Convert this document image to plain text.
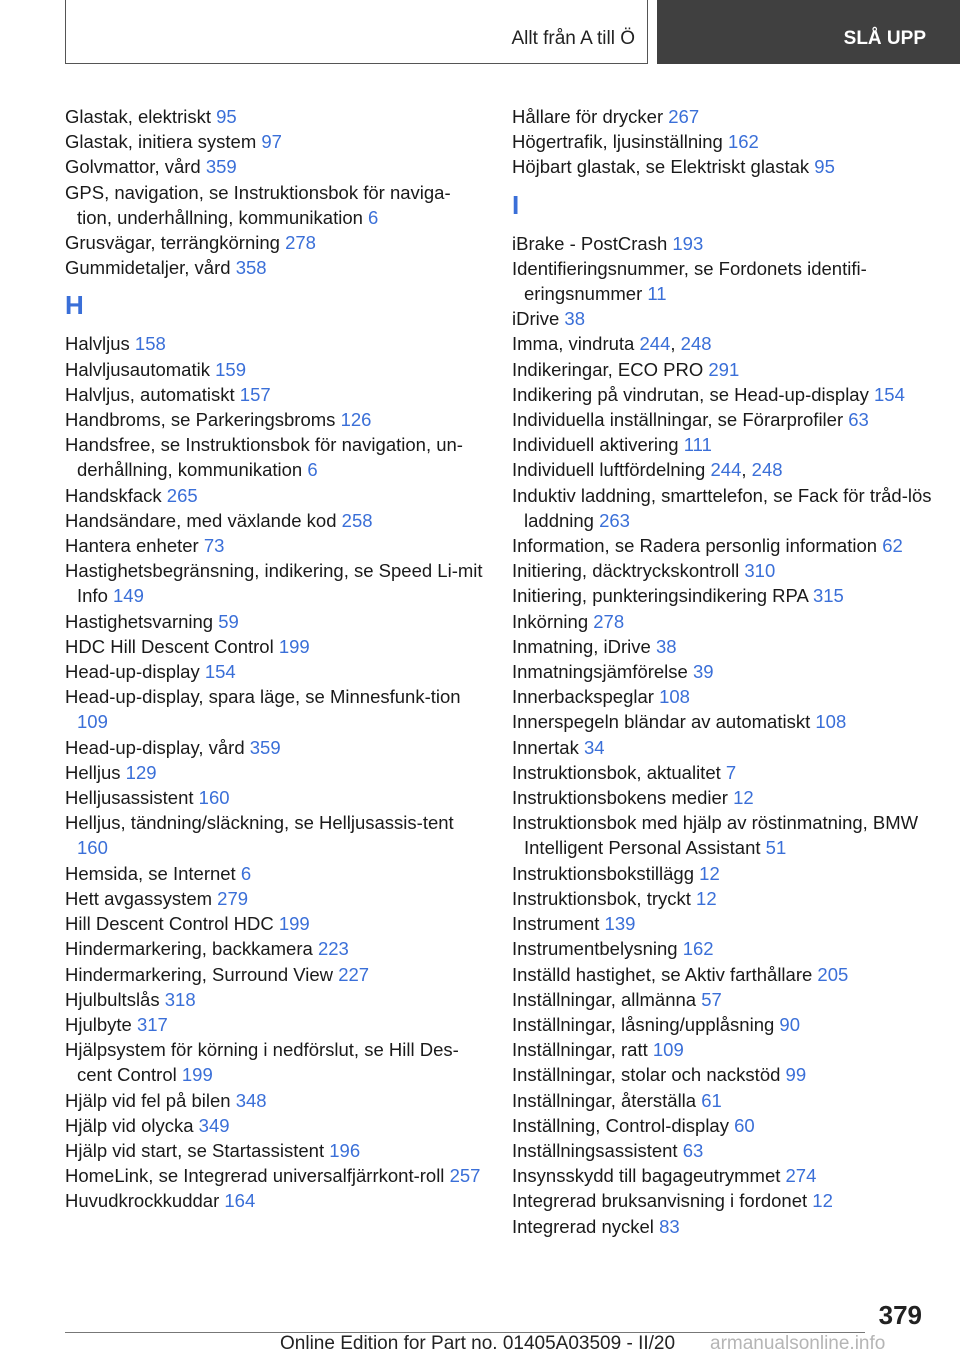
Allt från A till Ö	SLÅ UPP
Glastak, elektriskt 95
Glastak, initiera system 97
Golvmattor, vård 359
GPS, navigation, se Instruktionsbok för naviga-tion, underhållning, kommunikation 6
Grusvägar, terrängkörning 278
Gummidetaljer, vård 358
H
Halvljus 158
Halvljusautomatik 159
Halvljus, automatiskt 157
Handbroms, se Parkeringsbroms 126
Handsfree, se Instruktionsbok för navigation, un-derhållning, kommunikation 6
Handskfack 265
Handsändare, med växlande kod 258
Hantera enheter 73
Hastighetsbegränsning, indikering, se Speed Li-mit Info 149
Hastighetsvarning 59
HDC Hill Descent Control 199
Head-up-display 154
Head-up-display, spara läge, se Minnesfunk-tion 109
Head-up-display, vård 359
Helljus 129
Helljusassistent 160
Helljus, tändning/släckning, se Helljusassis-tent 160
Hemsida, se Internet 6
Hett avgassystem 279
Hill Descent Control HDC 199
Hindermarkering, backkamera 223
Hindermarkering, Surround View 227
Hjulbultslås 318
Hjulbyte 317
Hjälpsystem för körning i nedförslut, se Hill Des-cent Control 199
Hjälp vid fel på bilen 348
Hjälp vid olycka 349
Hjälp vid start, se Startassistent 196
HomeLink, se Integrerad universalfjärrkont-roll 257
Huvudkrockkuddar 164
Hållare för drycker 267
Högertrafik, ljusinställning 162
Höjbart glastak, se Elektriskt glastak 95
I
iBrake - PostCrash 193
Identifieringsnummer, se Fordonets identifi-eringsnummer 11
iDrive 38
Imma, vindruta 244, 248
Indikeringar, ECO PRO 291
Indikering på vindrutan, se Head-up-display 154
Individuella inställningar, se Förarprofiler 63
Individuell aktivering 111
Individuell luftfördelning 244, 248
Induktiv laddning, smarttelefon, se Fack för tråd-lös laddning 263
Information, se Radera personlig information 62
Initiering, däcktryckskontroll 310
Initiering, punkteringsindikering RPA 315
Inkörning 278
Inmatning, iDrive 38
Inmatningsjämförelse 39
Innerbackspeglar 108
Innerspegeln bländar av automatiskt 108
Innertak 34
Instruktionsbok, aktualitet 7
Instruktionsbokens medier 12
Instruktionsbok med hjälp av röstinmatning, BMW Intelligent Personal Assistant 51
Instruktionsbokstillägg 12
Instruktionsbok, tryckt 12
Instrument 139
Instrumentbelysning 162
Inställd hastighet, se Aktiv farthållare 205
Inställningar, allmänna 57
Inställningar, låsning/upplåsning 90
Inställningar, ratt 109
Inställningar, stolar och nackstöd 99
Inställningar, återställa 61
Inställning, Control-display 60
Inställningsassistent 63
Insynsskydd till bagageutrymmet 274
Integrerad bruksanvisning i fordonet 12
Integrerad nyckel 83
379
Online Edition for Part no. 01405A03509 - II/20 armanualsonline.info
